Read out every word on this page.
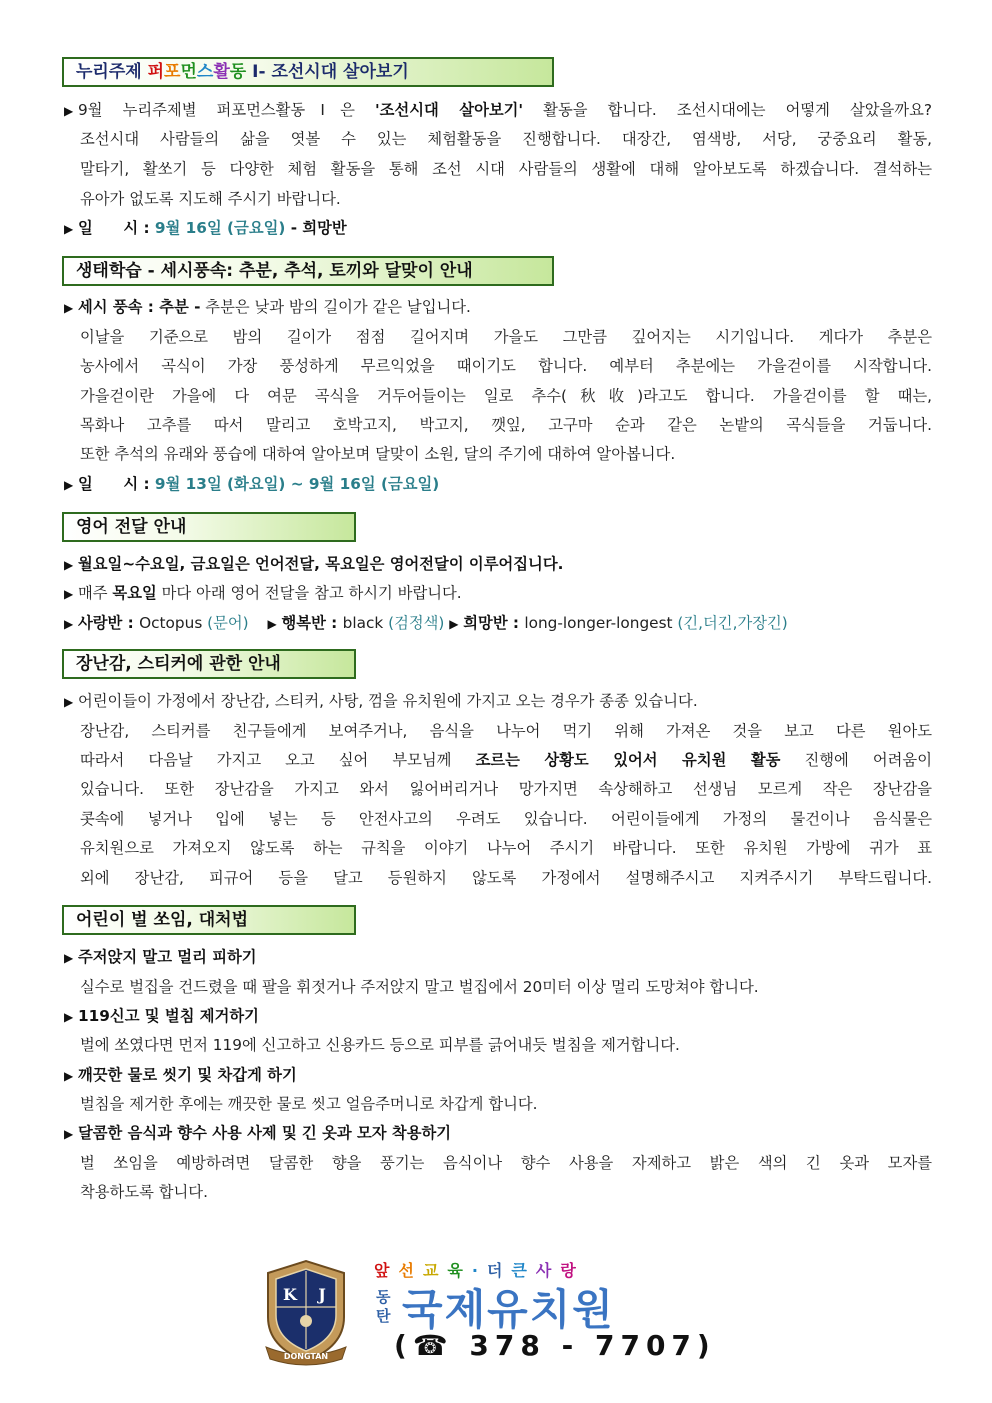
누리주제 퍼포먼스활동 Ⅰ- 조선시대 살아보기
▶ 9월 누리주제별 퍼포먼스활동Ⅰ은 '조선시대 살아보기' 활동을 합니다. 조선시대에는 어떻게 살았을까요?
조선시대 사람들의 삶을 엿볼 수 있는 체험활동을 진행합니다. 대장간, 염색방, 서당, 궁중요리 활동,
말타기, 활쏘기 등 다양한 체험 활동을 통해 조선 시대 사람들의 생활에 대해 알아보도록 하겠습니다. 결석하는
유아가 없도록 지도해 주시기 바랍니다.
▶ 일　　시 : 9월 16일 (금요일) - 희망반
생태학습 - 세시풍속: 추분, 추석, 토끼와 달맞이 안내
▶ 세시 풍속 : 추분 - 추분은 낮과 밤의 길이가 같은 날입니다.
이날을 기준으로 밤의 길이가 점점 길어지며 가을도 그만큼 깊어지는 시기입니다. 게다가 추분은
농사에서 곡식이 가장 풍성하게 무르익었을 때이기도 합니다. 예부터 추분에는 가을걷이를 시작합니다.
가을걷이란 가을에 다 여문 곡식을 거두어들이는 일로 추수(秋收)라고도 합니다. 가을걷이를 할 때는,
목화나 고추를 따서 말리고 호박고지, 박고지, 깻잎, 고구마 순과 같은 논밭의 곡식들을 거둡니다.
또한 추석의 유래와 풍습에 대하여 알아보며 달맞이 소원, 달의 주기에 대하여 알아봅니다.
▶ 일　　시 : 9월 13일 (화요일) ~ 9월 16일 (금요일)
영어 전달 안내
▶ 월요일~수요일, 금요일은 언어전달, 목요일은 영어전달이 이루어집니다.
▶ 매주 목요일 마다 아래 영어 전달을 참고 하시기 바랍니다.
▶ 사랑반 : Octopus (문어) ▶ 행복반 : black (검정색) ▶ 희망반 : long-longer-longest (긴,더긴,가장긴)
장난감, 스티커에 관한 안내
▶ 어린이들이 가정에서 장난감, 스티커, 사탕, 껌을 유치원에 가지고 오는 경우가 종종 있습니다.
장난감, 스티커를 친구들에게 보여주거나, 음식을 나누어 먹기 위해 가져온 것을 보고 다른 원아도
따라서 다음날 가지고 오고 싶어 부모님께 조르는 상황도 있어서 유치원 활동 진행에 어려움이
있습니다. 또한 장난감을 가지고 와서 잃어버리거나 망가지면 속상해하고 선생님 모르게 작은 장난감을
콧속에 넣거나 입에 넣는 등 안전사고의 우려도 있습니다. 어린이들에게 가정의 물건이나 음식물은
유치원으로 가져오지 않도록 하는 규칙을 이야기 나누어 주시기 바랍니다. 또한 유치원 가방에 귀가 표
외에 장난감, 피규어 등을 달고 등원하지 않도록 가정에서 설명해주시고 지켜주시기 부탁드립니다.
어린이 벌 쏘임, 대처법
▶ 주저앉지 말고 멀리 피하기
실수로 벌집을 건드렸을 때 팔을 휘젓거나 주저앉지 말고 벌집에서 20미터 이상 멀리 도망쳐야 합니다.
▶ 119신고 및 벌침 제거하기
벌에 쏘였다면 먼저 119에 신고하고 신용카드 등으로 피부를 긁어내듯 벌침을 제거합니다.
▶ 깨끗한 물로 씻기 및 차갑게 하기
벌침을 제거한 후에는 깨끗한 물로 씻고 얼음주머니로 차갑게 합니다.
▶ 달콤한 음식과 향수 사용 사제 및 긴 옷과 모자 착용하기
벌 쏘임을 예방하려면 달콤한 향을 풍기는 음식이나 향수 사용을 자제하고 밝은 색의 긴 옷과 모자를
착용하도록 합니다.
K J
DONGTAN
앞선교육·더큰사랑
동탄 국제유치원
(☎ 378 - 7707)
